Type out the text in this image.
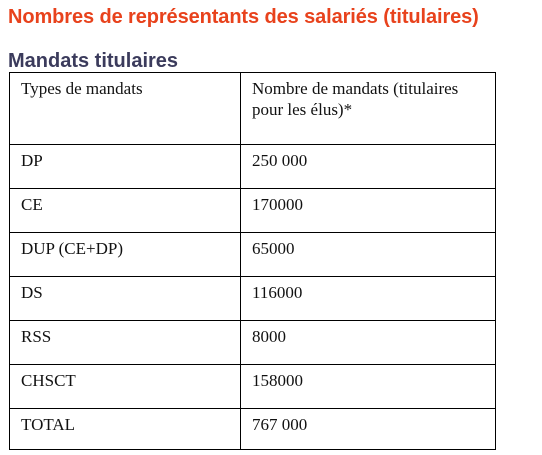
Nombres de représentants des salariés (titulaires)
Mandats titulaires
Types de mandats	Nombre de mandats (titulaires pour les élus)*
DP	250 000
CE	170000
DUP (CE+DP)	65000
DS	116000
RSS	8000
CHSCT	158000
TOTAL	767 000
